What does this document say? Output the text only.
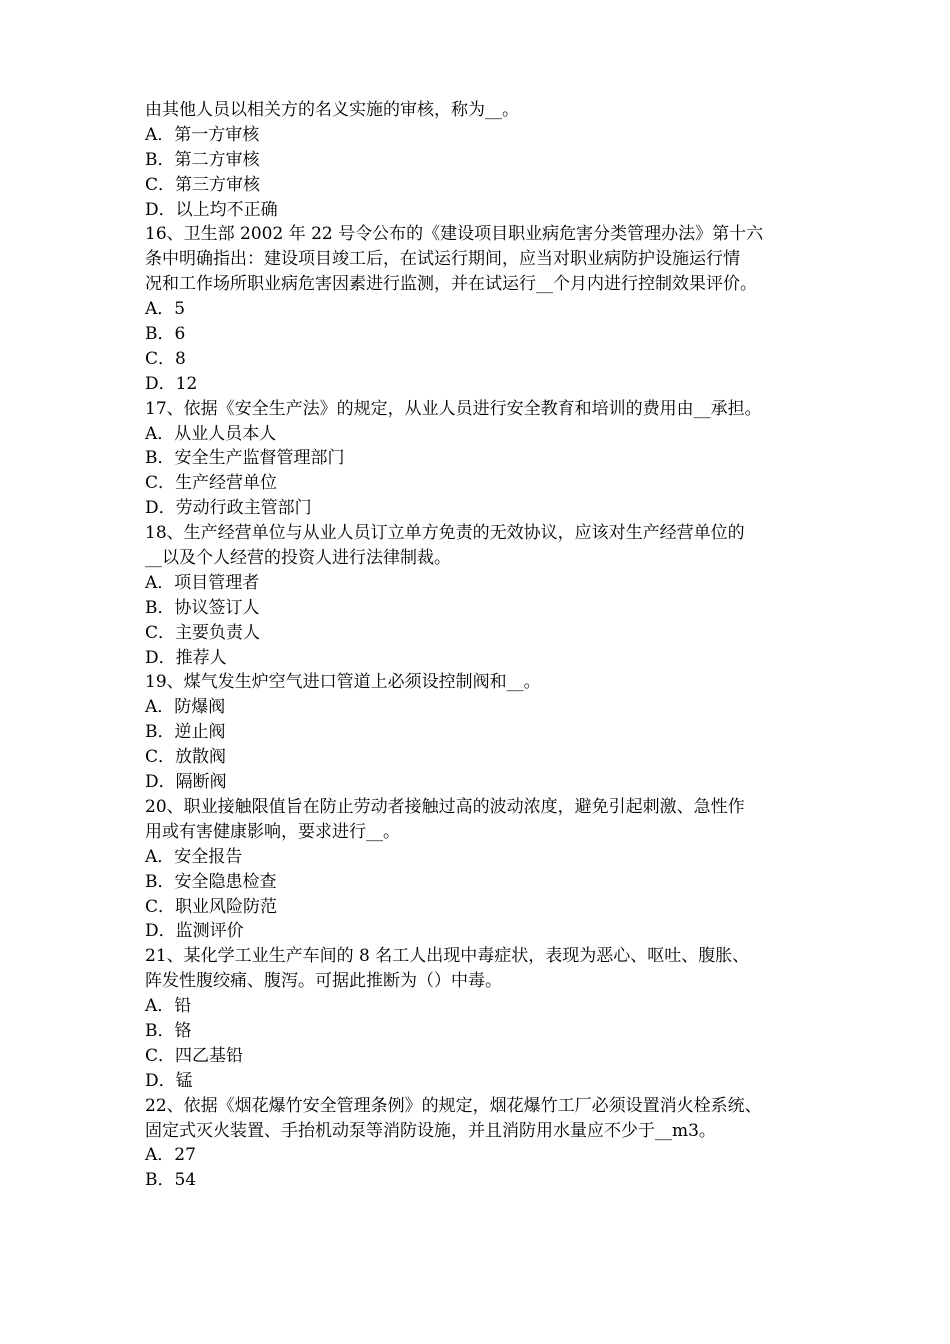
由其他人员以相关方的名义实施的审核，称为__。
A．第一方审核
B．第二方审核
C．第三方审核
D．以上均不正确
16、卫生部 2002 年 22 号令公布的《建设项目职业病危害分类管理办法》第十六
条中明确指出：建设项目竣工后，在试运行期间，应当对职业病防护设施运行情
况和工作场所职业病危害因素进行监测，并在试运行__个月内进行控制效果评价。
A．5
B．6
C．8
D．12
17、依据《安全生产法》的规定，从业人员进行安全教育和培训的费用由__承担。
A．从业人员本人
B．安全生产监督管理部门
C．生产经营单位
D．劳动行政主管部门
18、生产经营单位与从业人员订立单方免责的无效协议，应该对生产经营单位的
__以及个人经营的投资人进行法律制裁。
A．项目管理者
B．协议签订人
C．主要负责人
D．推荐人
19、煤气发生炉空气进口管道上必须设控制阀和__。
A．防爆阀
B．逆止阀
C．放散阀
D．隔断阀
20、职业接触限值旨在防止劳动者接触过高的波动浓度，避免引起刺激、急性作
用或有害健康影响，要求进行__。
A．安全报告
B．安全隐患检查
C．职业风险防范
D．监测评价
21、某化学工业生产车间的 8 名工人出现中毒症状，表现为恶心、呕吐、腹胀、
阵发性腹绞痛、腹泻。可据此推断为（）中毒。
A．铅
B．铬
C．四乙基铅
D．锰
22、依据《烟花爆竹安全管理条例》的规定，烟花爆竹工厂必须设置消火栓系统、
固定式灭火装置、手抬机动泵等消防设施，并且消防用水量应不少于__m3。
A．27
B．54
